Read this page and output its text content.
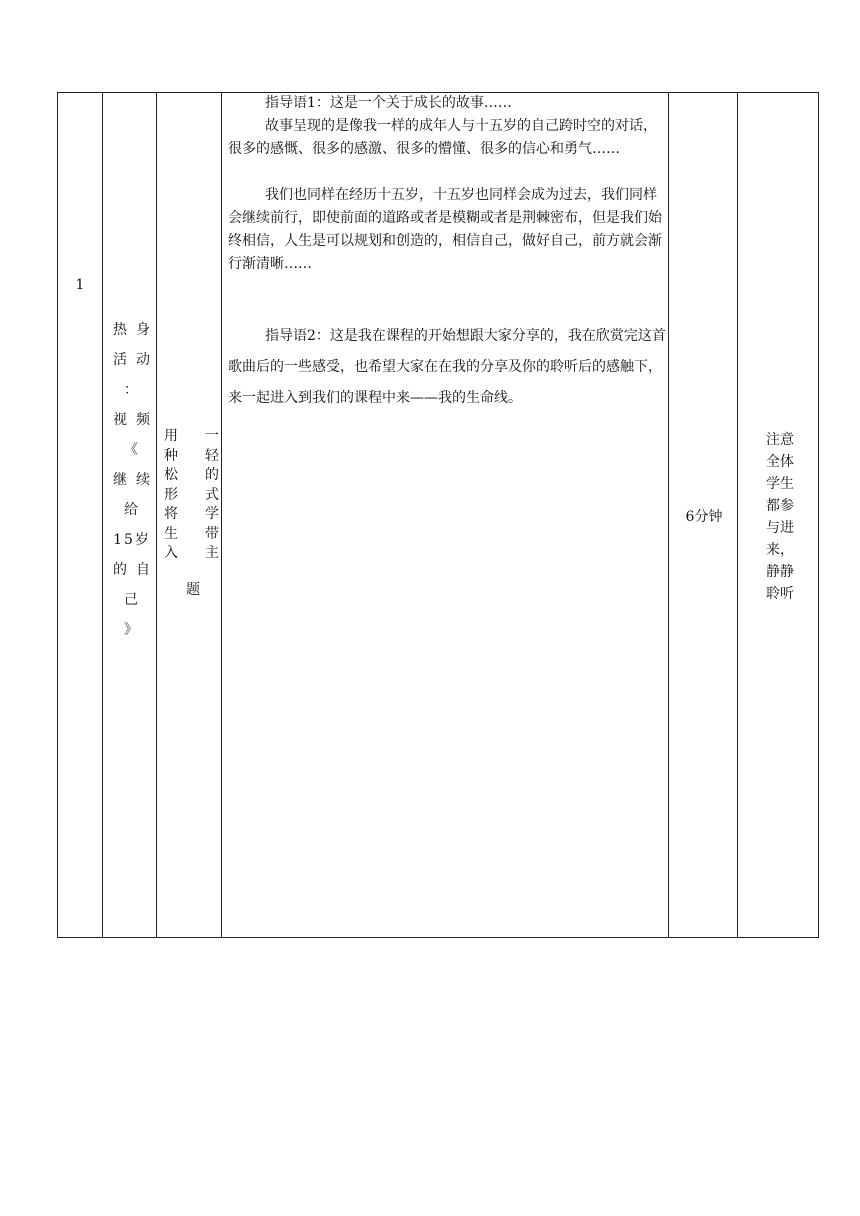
1
热身
活动
：
视频
《
继续
给
15岁
的自
己
》
用种松形将生入
题
一轻的式学带主

指导语1：这是一个关于成长的故事……

故事呈现的是像我一样的成年人与十五岁的自己跨时空的对话，很多的感慨、很多的感激、很多的懵懂、很多的信心和勇气……

我们也同样在经历十五岁，十五岁也同样会成为过去，我们同样会继续前行，即使前面的道路或者是模糊或者是荆棘密布，但是我们始终相信，人生是可以规划和创造的，相信自己，做好自己，前方就会渐行渐清晰……

指导语2：这是我在课程的开始想跟大家分享的，我在欣赏完这首歌曲后的一些感受，也希望大家在在我的分享及你的聆听后的感触下，来一起进入到我们的课程中来——我的生命线。

6分钟
注意
全体
学生
都参
与进
来，
静静
聆听
